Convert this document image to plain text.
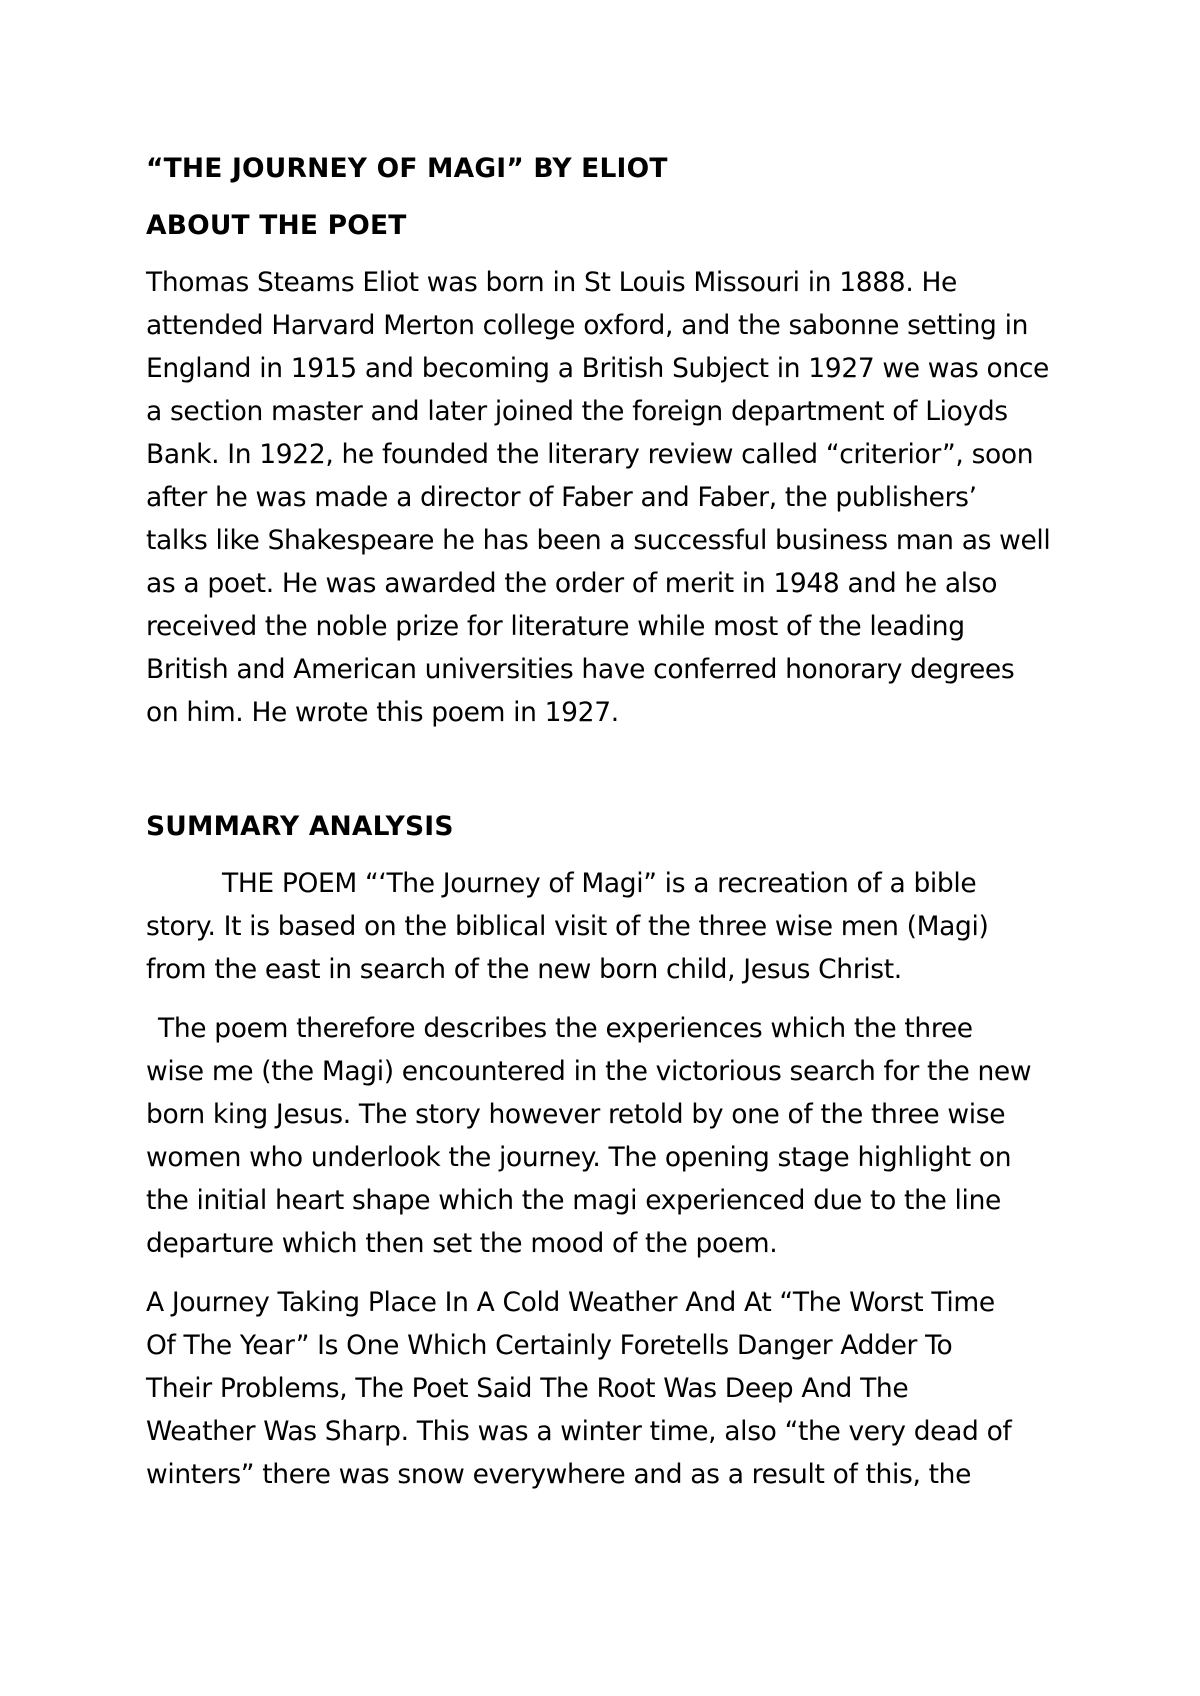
“THE JOURNEY OF MAGI” BY ELIOT
ABOUT THE POET
Thomas Steams Eliot was born in St Louis Missouri in 1888. He
attended Harvard Merton college oxford, and the sabonne setting in
England in 1915 and becoming a British Subject in 1927 we was once
a section master and later joined the foreign department of Lioyds
Bank. In 1922, he founded the literary review called “criterior”, soon
after he was made a director of Faber and Faber, the publishers’
talks like Shakespeare he has been a successful business man as well
as a poet. He was awarded the order of merit in 1948 and he also
received the noble prize for literature while most of the leading
British and American universities have conferred honorary degrees
on him. He wrote this poem in 1927.
SUMMARY ANALYSIS
THE POEM “‘The Journey of Magi” is a recreation of a bible
story. It is based on the biblical visit of the three wise men (Magi)
from the east in search of the new born child, Jesus Christ.
The poem therefore describes the experiences which the three
wise me (the Magi) encountered in the victorious search for the new
born king Jesus. The story however retold by one of the three wise
women who underlook the journey. The opening stage highlight on
the initial heart shape which the magi experienced due to the line
departure which then set the mood of the poem.
A Journey Taking Place In A Cold Weather And At “The Worst Time
Of The Year” Is One Which Certainly Foretells Danger Adder To
Their Problems, The Poet Said The Root Was Deep And The
Weather Was Sharp. This was a winter time, also “the very dead of
winters” there was snow everywhere and as a result of this, the
